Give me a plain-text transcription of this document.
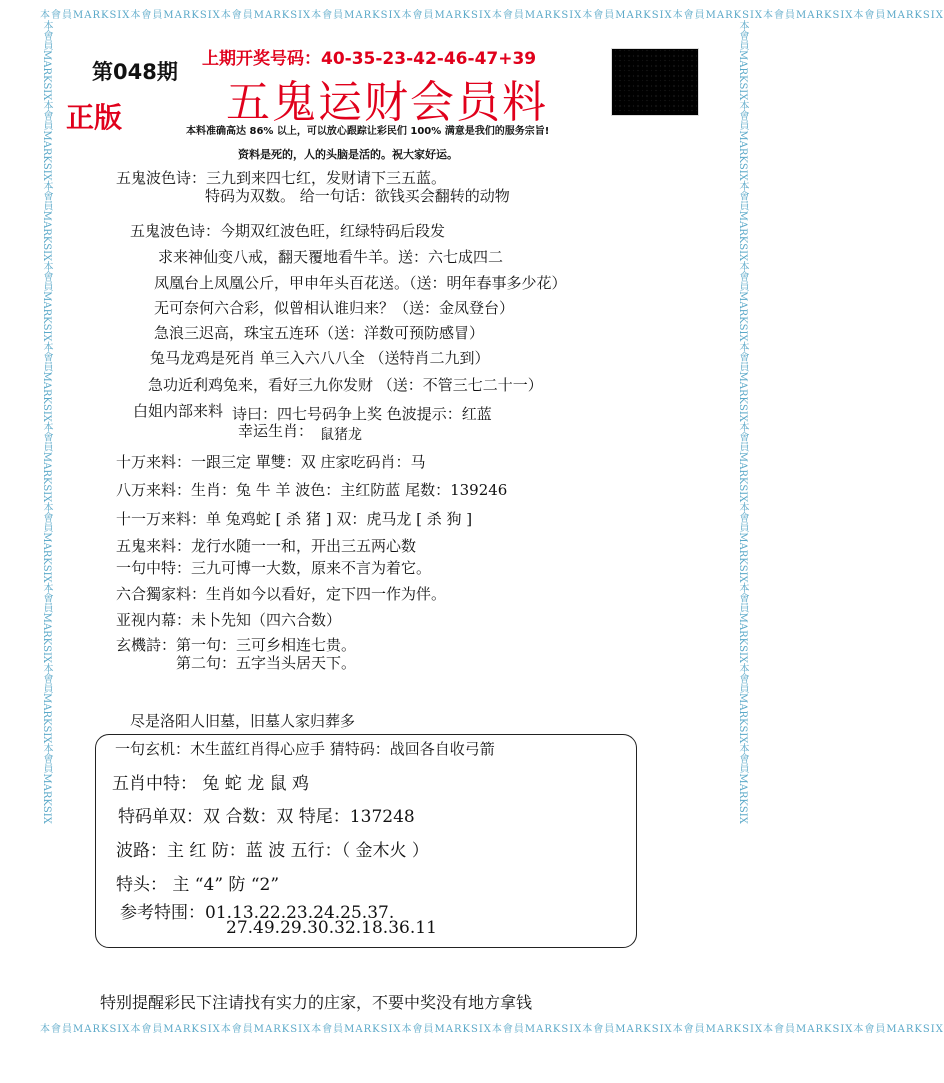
本會員MARKSIX本會員MARKSIX本會員MARKSIX本會員MARKSIX本會員MARKSIX本會員MARKSIX本會員MARKSIX本會員MARKSIX本會員MARKSIX本會員MARKSIX
本會員MARKSIX本會員MARKSIX本會員MARKSIX本會員MARKSIX本會員MARKSIX本會員MARKSIX本會員MARKSIX本會員MARKSIX本會員MARKSIX本會員MARKSIX
本會員MARKSIX本會員MARKSIX本會員MARKSIX本會員MARKSIX本會員MARKSIX本會員MARKSIX本會員MARKSIX本會員MARKSIX本會員MARKSIX本會員MARKSIX	本會員MARKSIX本會員MARKSIX本會員MARKSIX本會員MARKSIX本會員MARKSIX本會員MARKSIX本會員MARKSIX本會員MARKSIX本會員MARKSIX本會員MARKSIX
第048期
上期开奖号码：40-35-23-42-46-47+39
五鬼运财会员料
正版	本料准确高达 86% 以上，可以放心跟踪让彩民们 100% 满意是我们的服务宗旨!
资料是死的，人的头脑是活的。祝大家好运。
五鬼波色诗：三九到来四七红，发财请下三五蓝。
特码为双数。 给一句话：欲钱买会翻转的动物
五鬼波色诗：今期双红波色旺，红绿特码后段发
求来神仙变八戒，翻天覆地看牛羊。送：六七成四二
凤凰台上凤凰公斤，甲申年头百花送。（送：明年春事多少花）
无可奈何六合彩，似曾相认谁归来？（送：金凤登台）
急浪三迟高，珠宝五连环（送：洋数可预防感冒）
兔马龙鸡是死肖 单三入六八八全 （送特肖二九到）
急功近利鸡兔来，看好三九你发财 （送：不管三七二十一）
白姐内部来料 诗曰：四七号码争上奖 色波提示：红蓝
幸运生肖： 鼠猪龙
十万来料：一跟三定 單雙：双 庄家吃码肖：马
八万来料：生肖：兔 牛 羊 波色：主红防蓝 尾数：139246
十一万来料：单 兔鸡蛇 [ 杀 猪 ] 双：虎马龙 [ 杀 狗 ]
五鬼来料：龙行水随一一和，开出三五两心数
一句中特：三九可博一大数，原来不言为着它。
六合獨家料：生肖如今以看好，定下四一作为伴。
亚视内幕：未卜先知（四六合数）
玄機詩：第一句：三可乡相连七贵。
第二句：五字当头居天下。
尽是洛阳人旧墓，旧墓人家归葬多
一句玄机：木生蓝红肖得心应手 猜特码：战回各自收弓箭
五肖中特： 兔 蛇 龙 鼠 鸡
特码单双：双 合数：双 特尾：137248
波路：主 红 防：蓝 波 五行：（ 金木火 ）
特头： 主 “4” 防 “2”
参考特围：01.13.22.23.24.25.37.
27.49.29.30.32.18.36.11
特别提醒彩民下注请找有实力的庄家，不要中奖没有地方拿钱
